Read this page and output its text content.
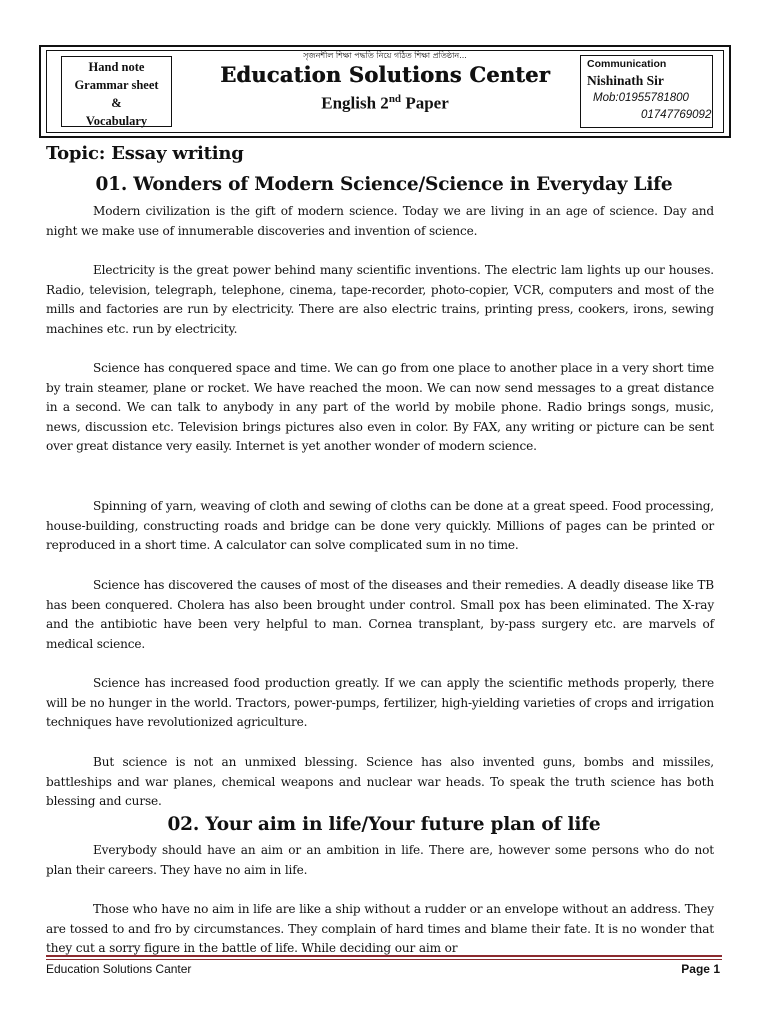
Hand note
Grammar sheet
&
Vocabulary
সৃজনশীল শিক্ষা পদ্ধতি নিয়ে গঠিত শিক্ষা প্রতিষ্ঠান...
Education Solutions Center
English 2nd Paper
Communication
Nishinath Sir
Mob:01955781800
01747769092
Topic: Essay writing
01. Wonders of Modern Science/Science in Everyday Life
Modern civilization is the gift of modern science. Today we are living in an age of science. Day and night we make use of innumerable discoveries and invention of science.
Electricity is the great power behind many scientific inventions. The electric lam lights up our houses. Radio, television, telegraph, telephone, cinema, tape-recorder, photo-copier, VCR, computers and most of the mills and factories are run by electricity. There are also electric trains, printing press, cookers, irons, sewing machines etc. run by electricity.
Science has conquered space and time. We can go from one place to another place in a very short time by train steamer, plane or rocket. We have reached the moon. We can now send messages to a great distance in a second. We can talk to anybody in any part of the world by mobile phone. Radio brings songs, music, news, discussion etc. Television brings pictures also even in color. By FAX, any writing or picture can be sent over great distance very easily. Internet is yet another wonder of modern science.
Spinning of yarn, weaving of cloth and sewing of cloths can be done at a great speed. Food processing, house-building, constructing roads and bridge can be done very quickly. Millions of pages can be printed or reproduced in a short time. A calculator can solve complicated sum in no time.
Science has discovered the causes of most of the diseases and their remedies. A deadly disease like TB has been conquered. Cholera has also been brought under control. Small pox has been eliminated. The X-ray and the antibiotic have been very helpful to man. Cornea transplant, by-pass surgery etc. are marvels of medical science.
Science has increased food production greatly. If we can apply the scientific methods properly, there will be no hunger in the world. Tractors, power-pumps, fertilizer, high-yielding varieties of crops and irrigation techniques have revolutionized agriculture.
But science is not an unmixed blessing. Science has also invented guns, bombs and missiles, battleships and war planes, chemical weapons and nuclear war heads. To speak the truth science has both blessing and curse.
02. Your aim in life/Your future plan of life
Everybody should have an aim or an ambition in life. There are, however some persons who do not plan their careers. They have no aim in life.
Those who have no aim in life are like a ship without a rudder or an envelope without an address. They are tossed to and fro by circumstances. They complain of hard times and blame their fate. It is no wonder that they cut a sorry figure in the battle of life. While deciding our aim or
Education Solutions Canter	Page 1
